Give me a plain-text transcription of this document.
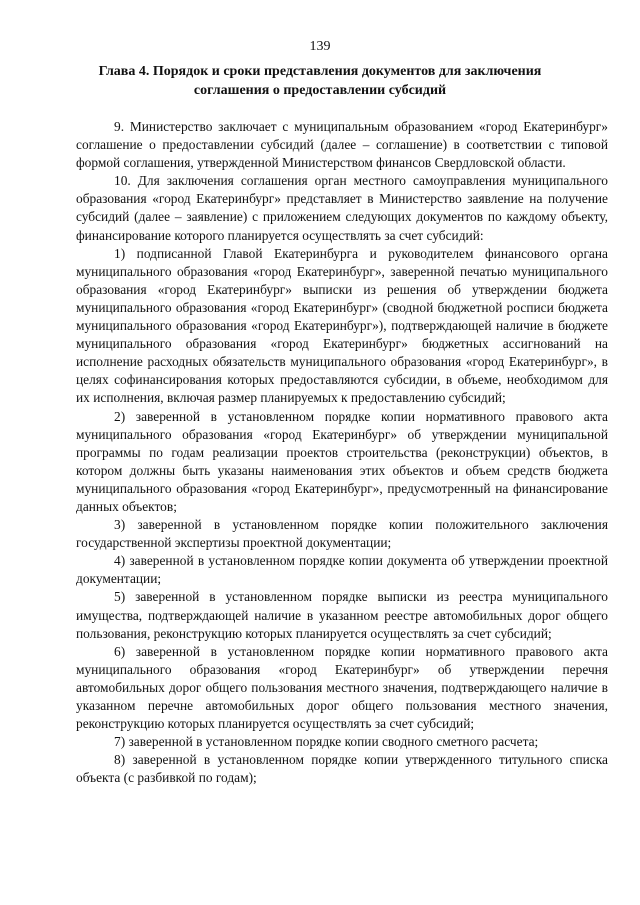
139
Глава 4. Порядок и сроки представления документов для заключения соглашения о предоставлении субсидий

9. Министерство заключает с муниципальным образованием «город Екатеринбург» соглашение о предоставлении субсидий (далее – соглашение) в соответствии с типовой формой соглашения, утвержденной Министерством финансов Свердловской области.

10. Для заключения соглашения орган местного самоуправления муниципального образования «город Екатеринбург» представляет в Министерство заявление на получение субсидий (далее – заявление) с приложением следующих документов по каждому объекту, финансирование которого планируется осуществлять за счет субсидий:

1) подписанной Главой Екатеринбурга и руководителем финансового органа муниципального образования «город Екатеринбург», заверенной печатью муниципального образования «город Екатеринбург» выписки из решения об утверждении бюджета муниципального образования «город Екатеринбург» (сводной бюджетной росписи бюджета муниципального образования «город Екатеринбург»), подтверждающей наличие в бюджете муниципального образования «город Екатеринбург» бюджетных ассигнований на исполнение расходных обязательств муниципального образования «город Екатеринбург», в целях софинансирования которых предоставляются субсидии, в объеме, необходимом для их исполнения, включая размер планируемых к предоставлению субсидий;

2) заверенной в установленном порядке копии нормативного правового акта муниципального образования «город Екатеринбург» об утверждении муниципальной программы по годам реализации проектов строительства (реконструкции) объектов, в котором должны быть указаны наименования этих объектов и объем средств бюджета муниципального образования «город Екатеринбург», предусмотренный на финансирование данных объектов;

3) заверенной в установленном порядке копии положительного заключения государственной экспертизы проектной документации;

4) заверенной в установленном порядке копии документа об утверждении проектной документации;

5) заверенной в установленном порядке выписки из реестра муниципального имущества, подтверждающей наличие в указанном реестре автомобильных дорог общего пользования, реконструкцию которых планируется осуществлять за счет субсидий;

6) заверенной в установленном порядке копии нормативного правового акта муниципального образования «город Екатеринбург» об утверждении перечня автомобильных дорог общего пользования местного значения, подтверждающего наличие в указанном перечне автомобильных дорог общего пользования местного значения, реконструкцию которых планируется осуществлять за счет субсидий;

7) заверенной в установленном порядке копии сводного сметного расчета;

8) заверенной в установленном порядке копии утвержденного титульного списка объекта (с разбивкой по годам);
